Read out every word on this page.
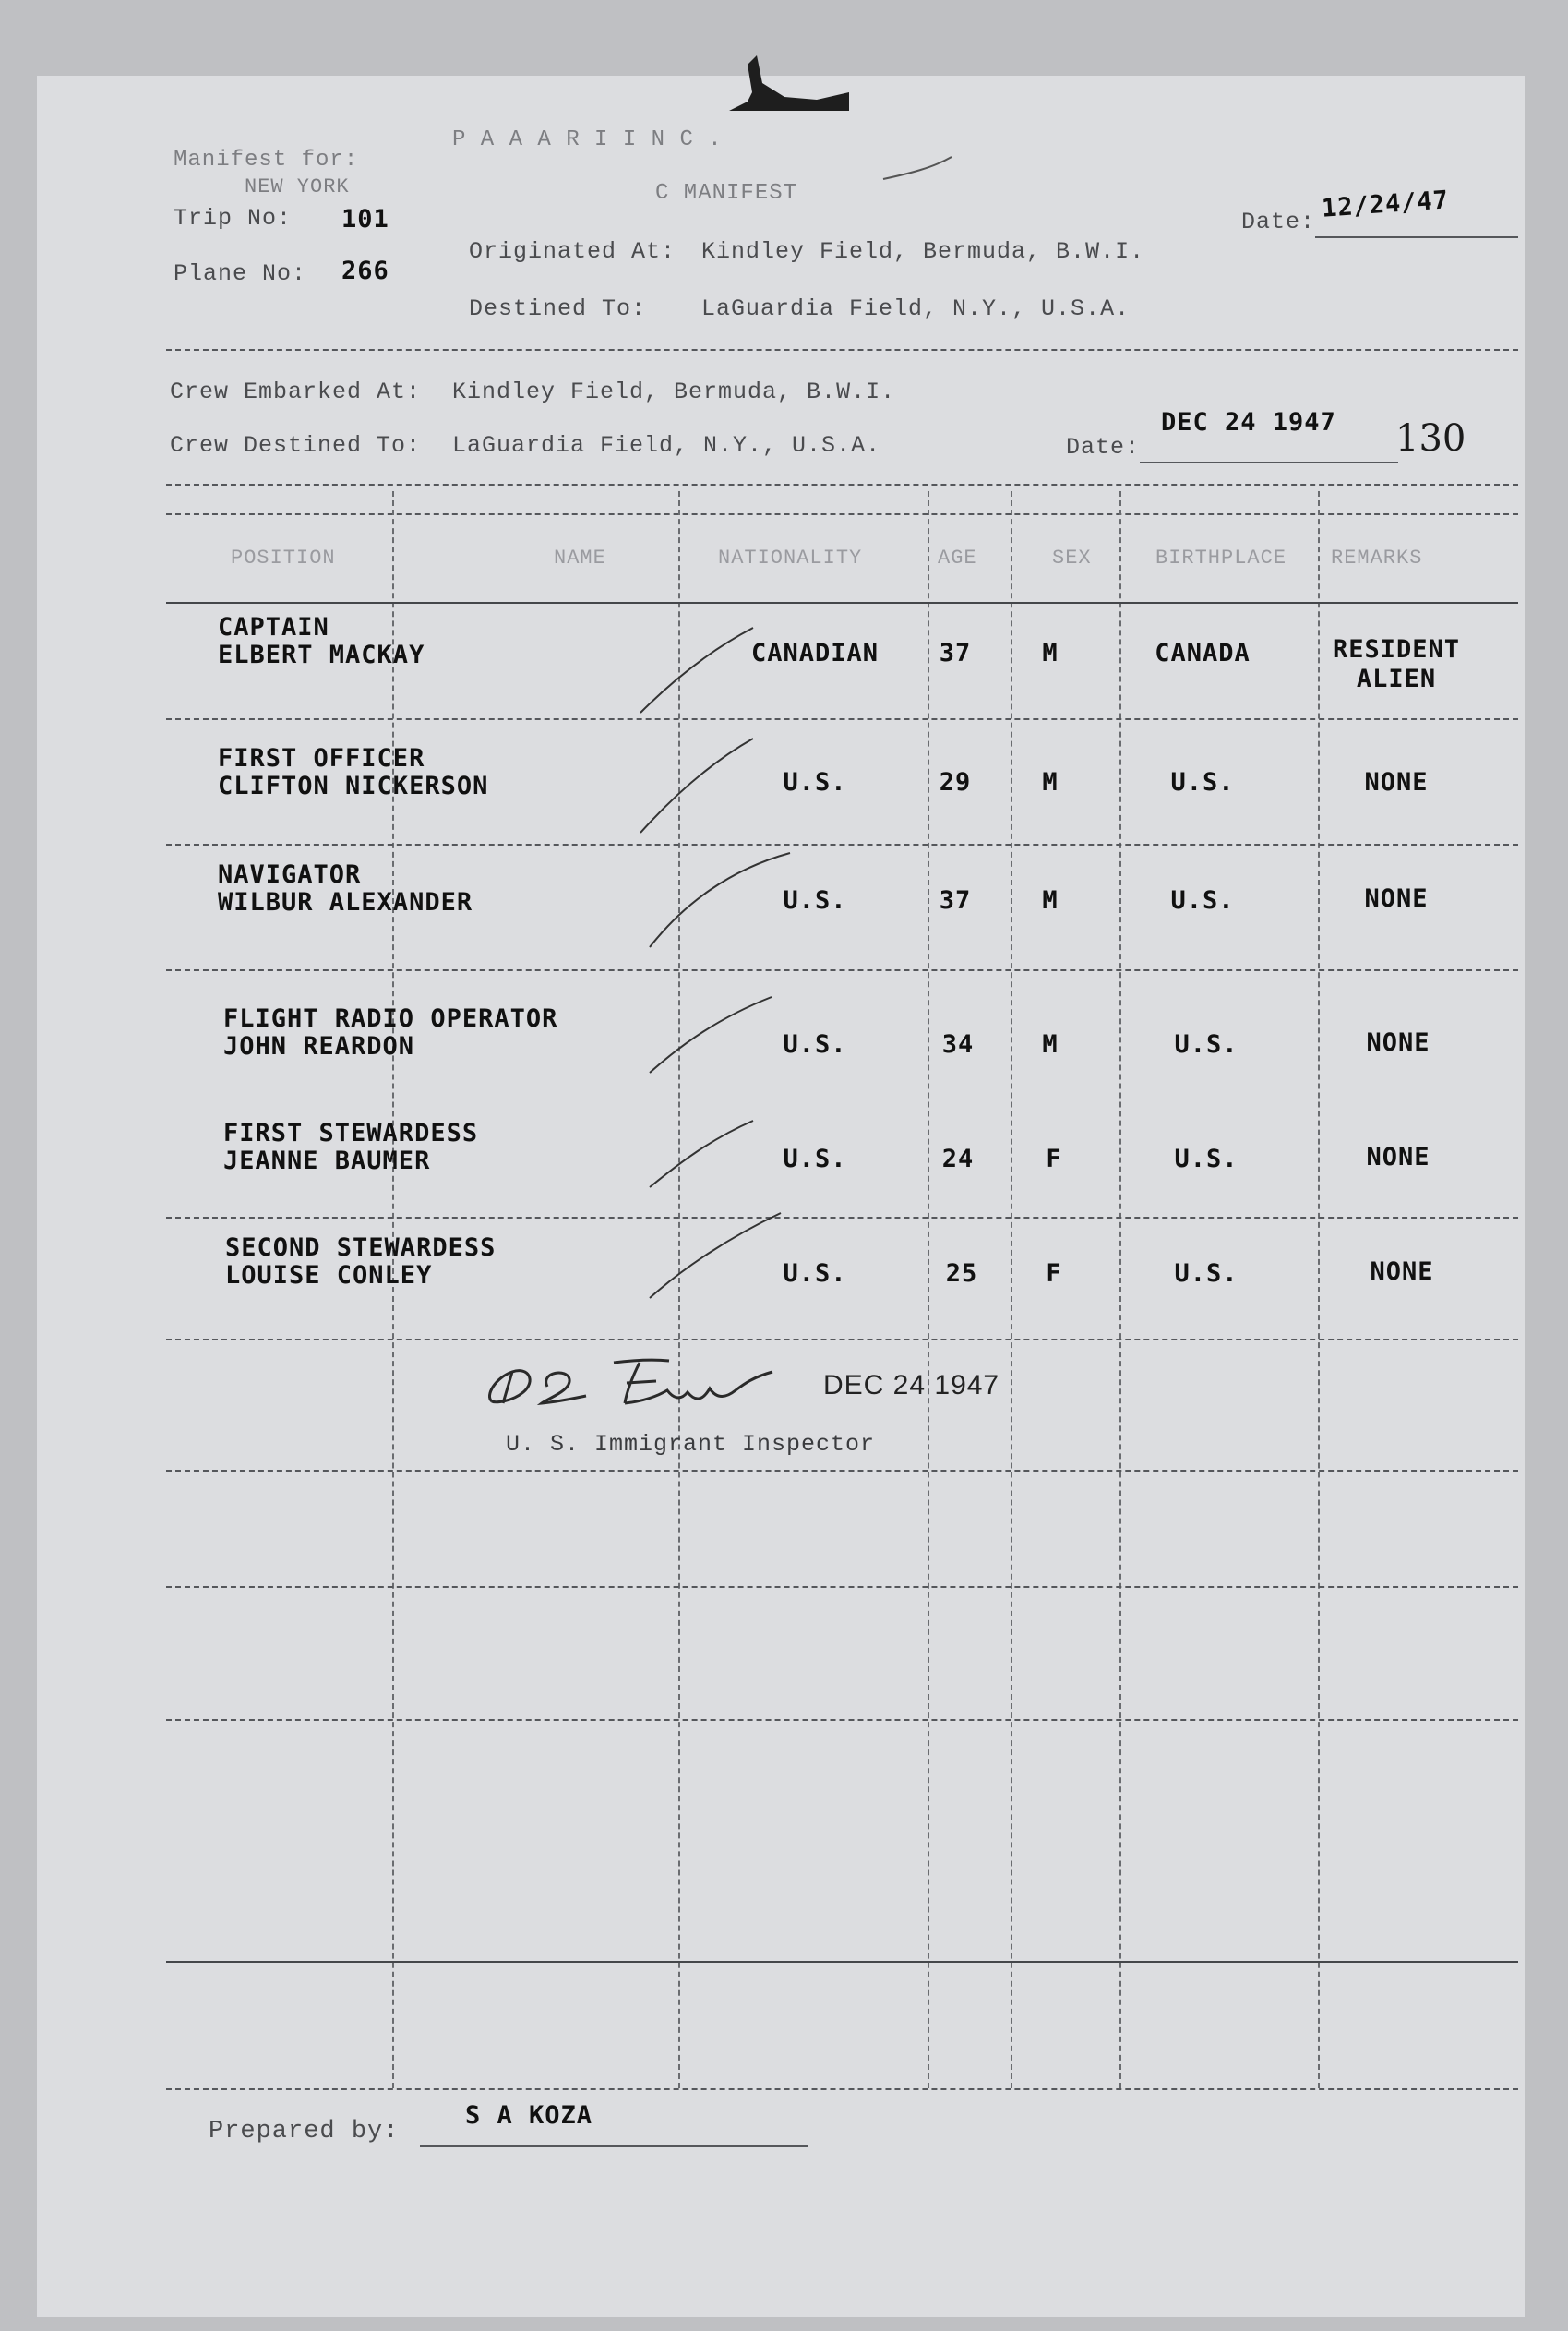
P A A A R I I N C .
Manifest for:
NEW YORK	C MANIFEST
Trip No: 101
Originated At: Kindley Field, Bermuda, B.W.I.
Date: 12/24/47
Plane No: 266
Destined To: LaGuardia Field, N.Y., U.S.A.
Crew Embarked At: Kindley Field, Bermuda, B.W.I.
Crew Destined To: LaGuardia Field, N.Y., U.S.A.	Date:
DEC 24 1947 130
POSITION	NAME	NATIONALITY	AGE	SEX	BIRTHPLACE REMARKS
CAPTAIN
ELBERT MACKAY	CANADIAN	37	M	CANADA	RESIDENT ALIEN
FIRST OFFICER
CLIFTON NICKERSON	U.S.	29	M	U.S.	NONE
NAVIGATOR
WILBUR ALEXANDER	U.S.	37	M	U.S.	NONE
FLIGHT RADIO OPERATOR
JOHN REARDON	U.S.	34	M	U.S.	NONE
FIRST STEWARDESS
JEANNE BAUMER	U.S.	24	F	U.S.	NONE
SECOND STEWARDESS
LOUISE CONLEY	U.S.	25	F	U.S.	NONE
DEC 24 1947
U. S. Immigrant Inspector
Prepared by:
S A KOZA
